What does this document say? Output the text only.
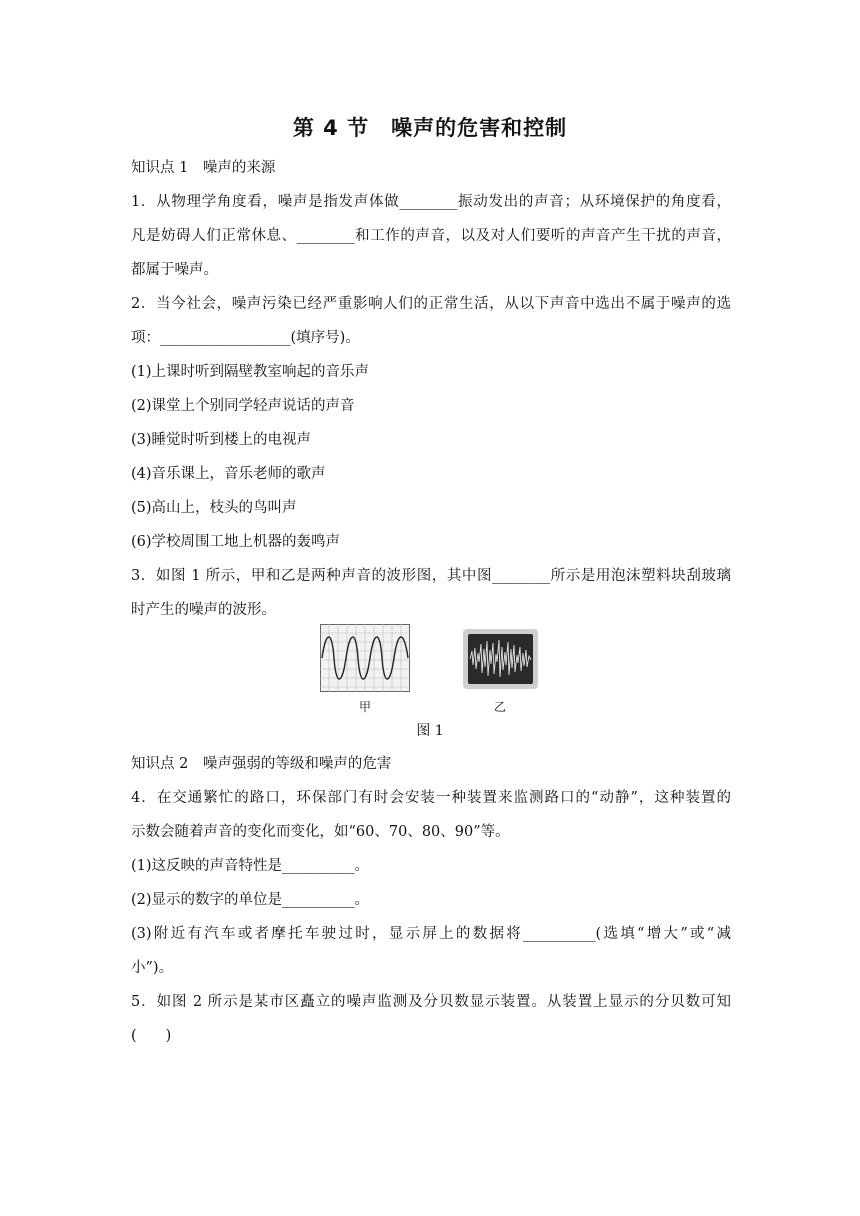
第 4 节　噪声的危害和控制
知识点 1　噪声的来源
1．从物理学角度看，噪声是指发声体做________振动发出的声音；从环境保护的角度看，
凡是妨碍人们正常休息、________和工作的声音，以及对人们要听的声音产生干扰的声音，
都属于噪声。
2．当今社会，噪声污染已经严重影响人们的正常生活，从以下声音中选出不属于噪声的选
项：__________________(填序号)。
(1)上课时听到隔壁教室响起的音乐声
(2)课堂上个别同学轻声说话的声音
(3)睡觉时听到楼上的电视声
(4)音乐课上，音乐老师的歌声
(5)高山上，枝头的鸟叫声
(6)学校周围工地上机器的轰鸣声
3．如图 1 所示，甲和乙是两种声音的波形图，其中图________所示是用泡沫塑料块刮玻璃
时产生的噪声的波形。
甲	乙
图 1
知识点 2　噪声强弱的等级和噪声的危害
4．在交通繁忙的路口，环保部门有时会安装一种装置来监测路口的“动静”，这种装置的
示数会随着声音的变化而变化，如“60、70、80、90”等。
(1)这反映的声音特性是__________。
(2)显示的数字的单位是__________。
(3)附近有汽车或者摩托车驶过时，显示屏上的数据将__________(选填“增大”或“减
小”)。
5．如图 2 所示是某市区矗立的噪声监测及分贝数显示装置。从装置上显示的分贝数可知
(　　)
